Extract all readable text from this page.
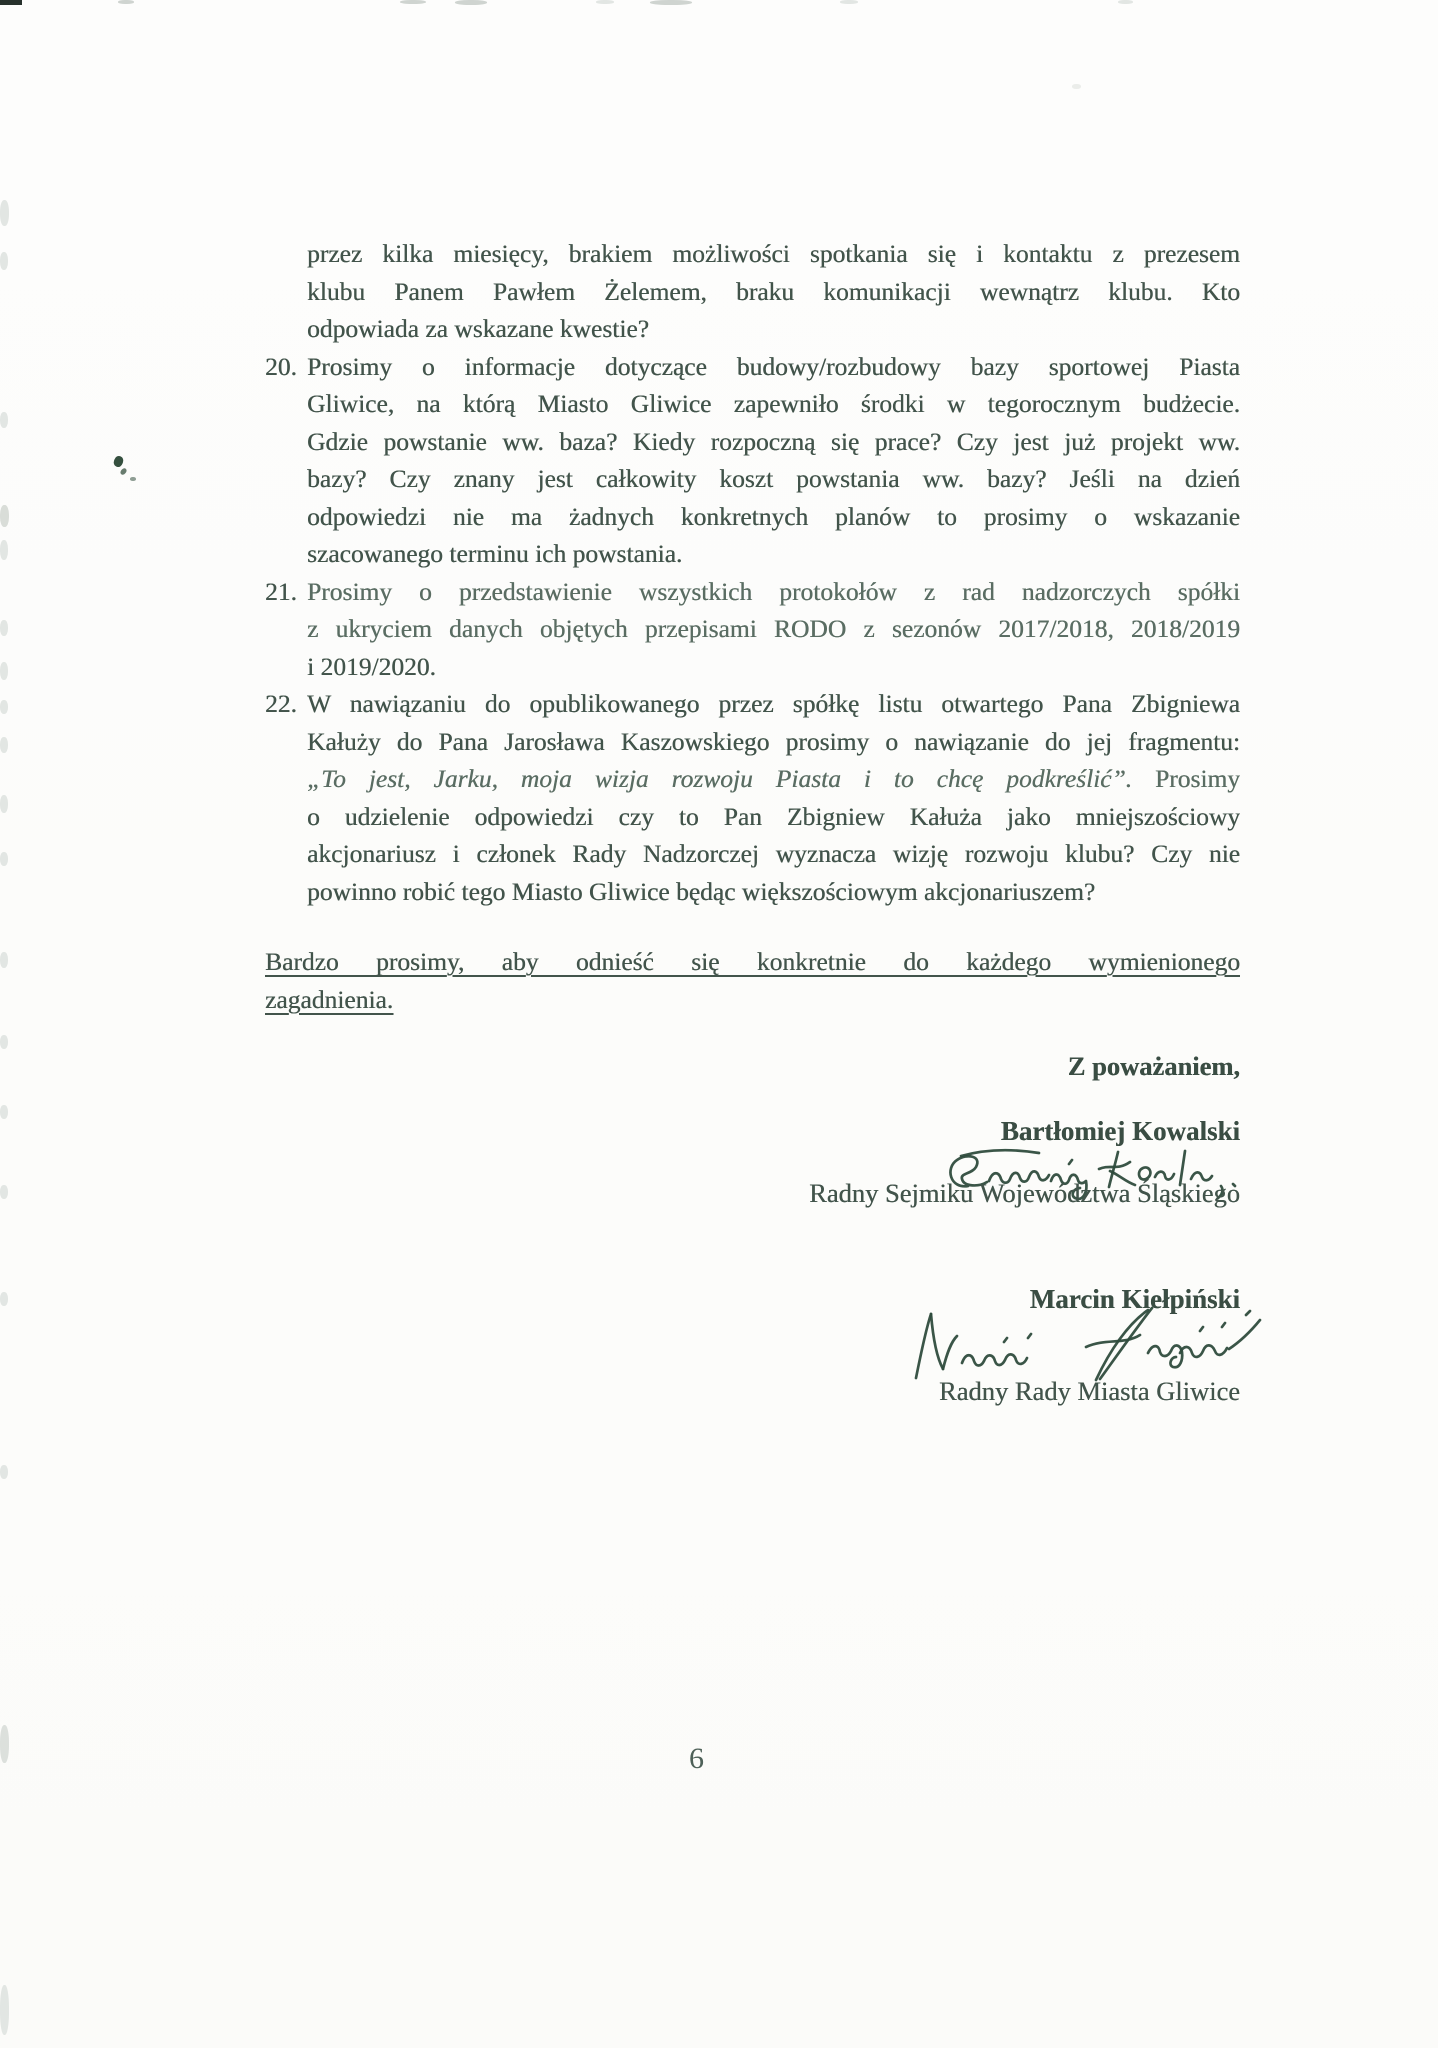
przez kilka miesięcy, brakiem możliwości spotkania się i kontaktu z prezesem
klubu Panem Pawłem Żelemem, braku komunikacji wewnątrz klubu. Kto
odpowiada za wskazane kwestie?
20. Prosimy o informacje dotyczące budowy/rozbudowy bazy sportowej Piasta
Gliwice, na którą Miasto Gliwice zapewniło środki w tegorocznym budżecie.
Gdzie powstanie ww. baza? Kiedy rozpoczną się prace? Czy jest już projekt ww.
bazy? Czy znany jest całkowity koszt powstania ww. bazy? Jeśli na dzień
odpowiedzi nie ma żadnych konkretnych planów to prosimy o wskazanie
szacowanego terminu ich powstania.
21. Prosimy o przedstawienie wszystkich protokołów z rad nadzorczych spółki
z ukryciem danych objętych przepisami RODO z sezonów 2017/2018, 2018/2019
i 2019/2020.
22. W nawiązaniu do opublikowanego przez spółkę listu otwartego Pana Zbigniewa
Kałuży do Pana Jarosława Kaszowskiego prosimy o nawiązanie do jej fragmentu:
„To jest, Jarku, moja wizja rozwoju Piasta i to chcę podkreślić”. Prosimy
o udzielenie odpowiedzi czy to Pan Zbigniew Kałuża jako mniejszościowy
akcjonariusz i członek Rady Nadzorczej wyznacza wizję rozwoju klubu? Czy nie
powinno robić tego Miasto Gliwice będąc większościowym akcjonariuszem?
Bardzo prosimy, aby odnieść się konkretnie do każdego wymienionego
zagadnienia.
Z poważaniem,
Bartłomiej Kowalski
Radny Sejmiku Województwa Śląskiego
Marcin Kiełpiński
Radny Rady Miasta Gliwice
6
